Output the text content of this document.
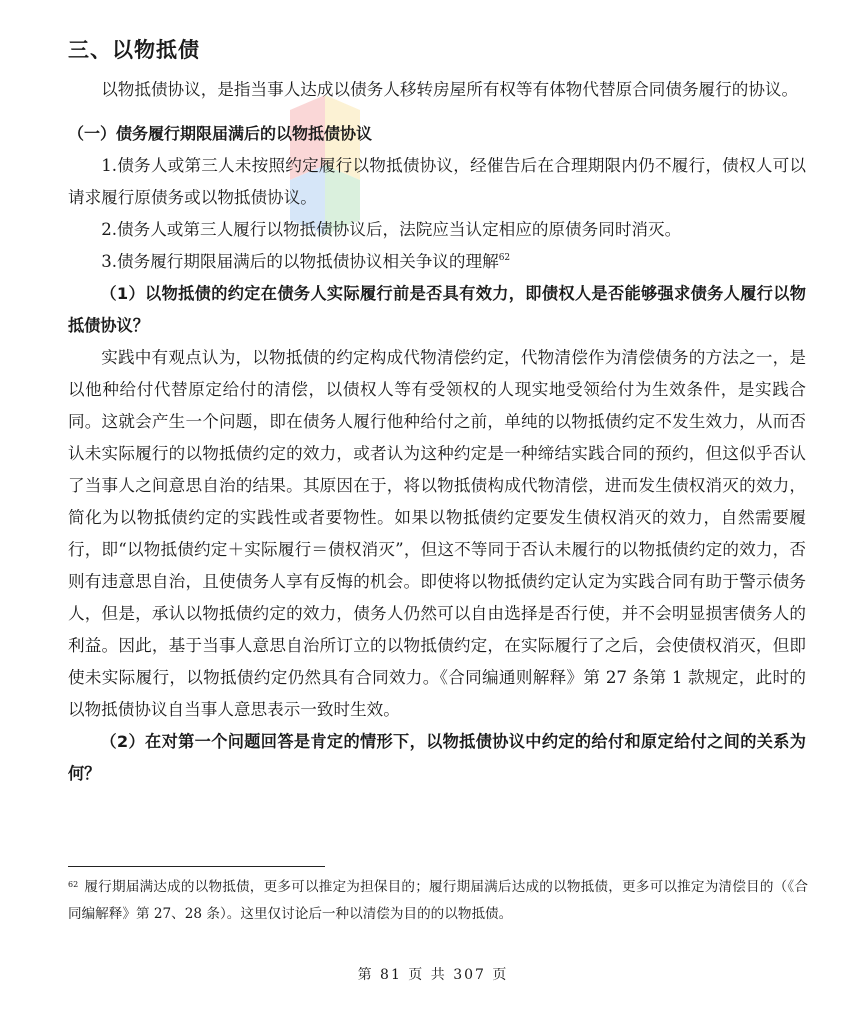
三、以物抵债

以物抵债协议，是指当事人达成以债务人移转房屋所有权等有体物代替原合同债务履行的协议。

（一）债务履行期限届满后的以物抵债协议

1.债务人或第三人未按照约定履行以物抵债协议，经催告后在合理期限内仍不履行，债权人可以请求履行原债务或以物抵债协议。

2.债务人或第三人履行以物抵债协议后，法院应当认定相应的原债务同时消灭。

3.债务履行期限届满后的以物抵债协议相关争议的理解$^{62}$

（1）以物抵债的约定在债务人实际履行前是否具有效力，即债权人是否能够强求债务人履行以物抵债协议？

实践中有观点认为，以物抵债的约定构成代物清偿约定，代物清偿作为清偿债务的方法之一，是以他种给付代替原定给付的清偿，以债权人等有受领权的人现实地受领给付为生效条件，是实践合同。这就会产生一个问题，即在债务人履行他种给付之前，单纯的以物抵债约定不发生效力，从而否认未实际履行的以物抵债约定的效力，或者认为这种约定是一种缔结实践合同的预约，但这似乎否认了当事人之间意思自治的结果。其原因在于，将以物抵债构成代物清偿，进而发生债权消灭的效力，简化为以物抵债约定的实践性或者要物性。如果以物抵债约定要发生债权消灭的效力，自然需要履行，即“以物抵债约定＋实际履行＝债权消灭”，但这不等同于否认未履行的以物抵债约定的效力，否则有违意思自治，且使债务人享有反悔的机会。即使将以物抵债约定认定为实践合同有助于警示债务人，但是，承认以物抵债约定的效力，债务人仍然可以自由选择是否行使，并不会明显损害债务人的利益。因此，基于当事人意思自治所订立的以物抵债约定，在实际履行了之后，会使债权消灭，但即使未实际履行，以物抵债约定仍然具有合同效力。《合同编通则解释》第 27 条第 1 款规定，此时的以物抵债协议自当事人意思表示一致时生效。

（2）在对第一个问题回答是肯定的情形下，以物抵债协议中约定的给付和原定给付之间的关系为何？

$^{62}$ 履行期届满达成的以物抵债，更多可以推定为担保目的；履行期届满后达成的以物抵债，更多可以推定为清偿目的（《合同编解释》第 27、28 条）。这里仅讨论后一种以清偿为目的的以物抵债。
第 81 页 共 307 页
